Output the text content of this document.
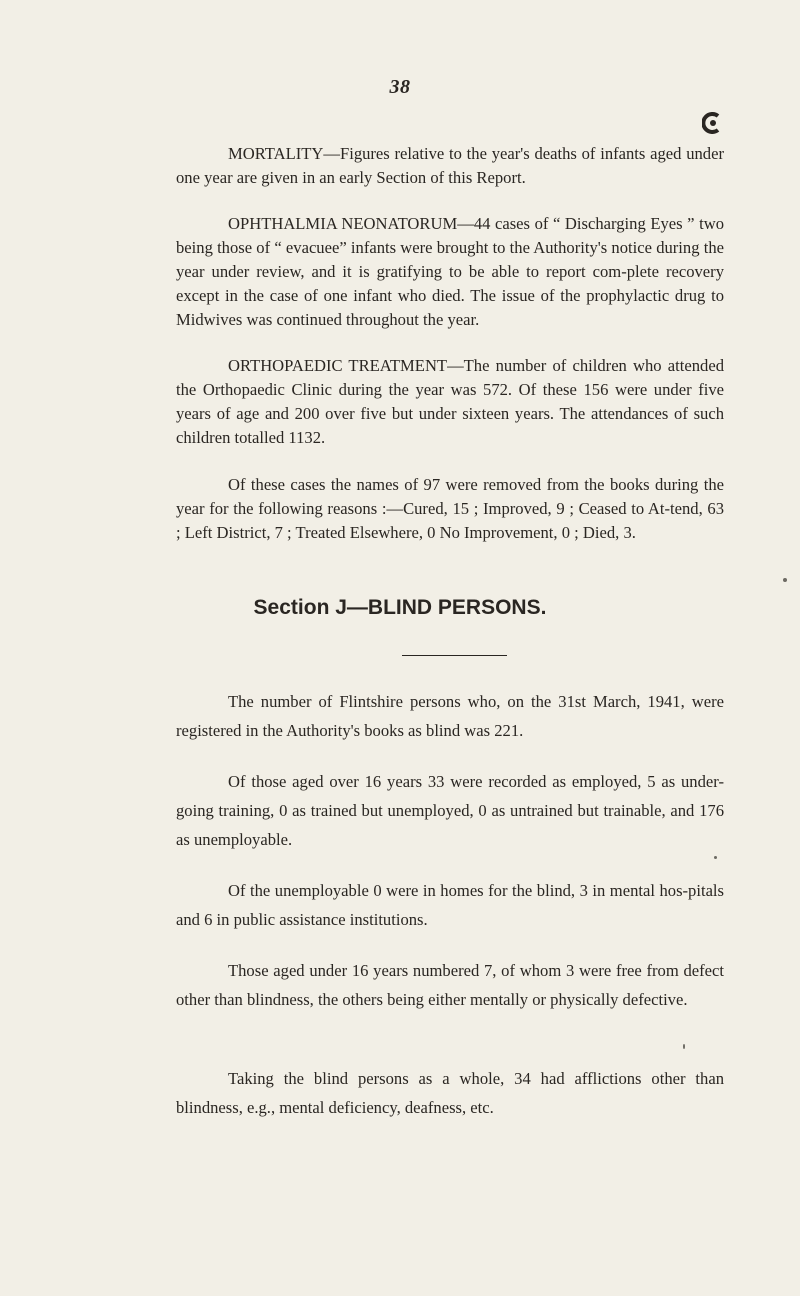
38

MORTALITY—Figures relative to the year's deaths of infants aged under one year are given in an early Section of this Report.

OPHTHALMIA NEONATORUM—44 cases of “ Discharging Eyes ” two being those of “ evacuee” infants were brought to the Authority's notice during the year under review, and it is gratifying to be able to report com-plete recovery except in the case of one infant who died. The issue of the prophylactic drug to Midwives was continued throughout the year.

ORTHOPAEDIC TREATMENT—The number of children who attended the Orthopaedic Clinic during the year was 572. Of these 156 were under five years of age and 200 over five but under sixteen years. The attendances of such children totalled 1132.

Of these cases the names of 97 were removed from the books during the year for the following reasons :—Cured, 15 ; Improved, 9 ; Ceased to At-tend, 63 ; Left District, 7 ; Treated Elsewhere, 0 No Improvement, 0 ; Died, 3.

Section J—BLIND PERSONS.

The number of Flintshire persons who, on the 31st March, 1941, were registered in the Authority's books as blind was 221.

Of those aged over 16 years 33 were recorded as employed, 5 as under-going training, 0 as trained but unemployed, 0 as untrained but trainable, and 176 as unemployable.

Of the unemployable 0 were in homes for the blind, 3 in mental hos-pitals and 6 in public assistance institutions.

Those aged under 16 years numbered 7, of whom 3 were free from defect other than blindness, the others being either mentally or physically defective.

Taking the blind persons as a whole, 34 had afflictions other than blindness, e.g., mental deficiency, deafness, etc.
